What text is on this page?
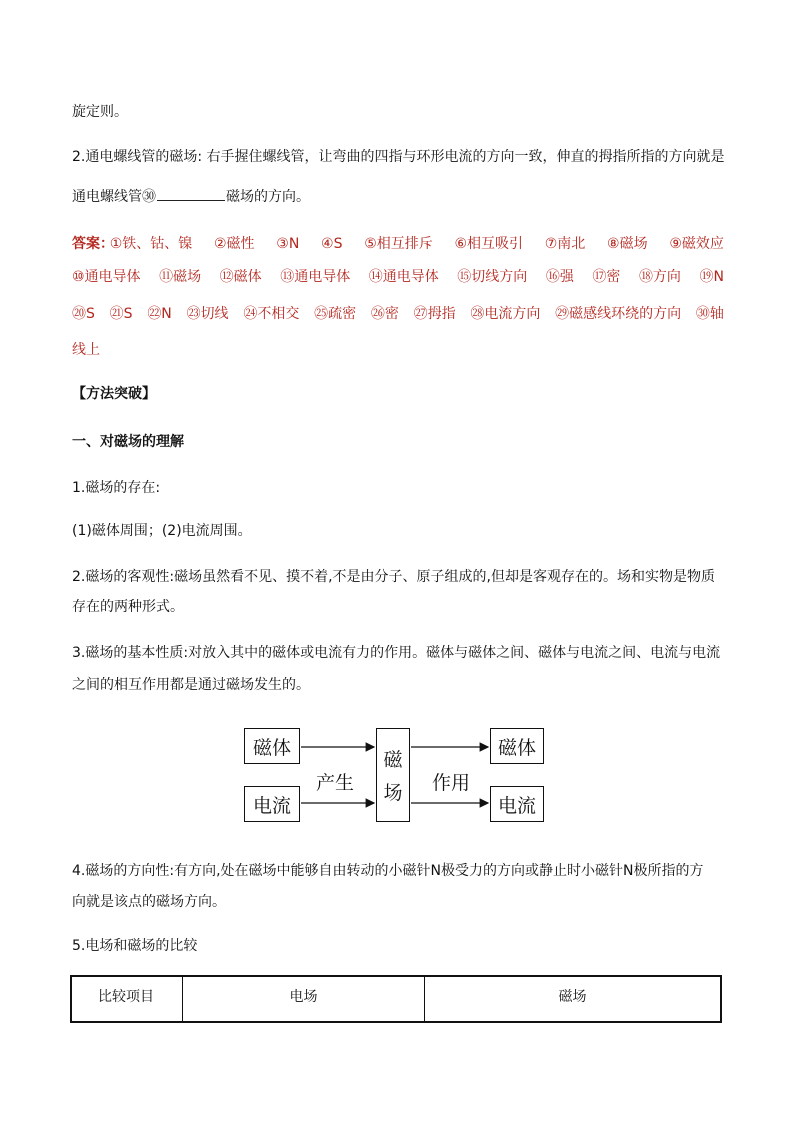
旋定则。
2.通电螺线管的磁场: 右手握住螺线管，让弯曲的四指与环形电流的方向一致，伸直的拇指所指的方向就是
通电螺线管㉚	磁场的方向。
答案：
①铁、钴、镍 ②磁性 ③N ④S ⑤相互排斥 ⑥相互吸引 ⑦南北 ⑧磁场 ⑨磁效应
⑩通电导体 ⑪磁场 ⑫磁体 ⑬通电导体 ⑭通电导体 ⑮切线方向 ⑯强 ⑰密 ⑱方向 ⑲N
⑳S ㉑S ㉒N ㉓切线 ㉔不相交 ㉕疏密 ㉖密 ㉗拇指 ㉘电流方向 ㉙磁感线环绕的方向 ㉚轴
线上
【方法突破】
一、对磁场的理解
1.磁场的存在:
(1)磁体周围；(2)电流周围。
2.磁场的客观性:磁场虽然看不见、摸不着,不是由分子、原子组成的,但却是客观存在的。场和实物是物质
存在的两种形式。
3.磁场的基本性质:对放入其中的磁体或电流有力的作用。磁体与磁体之间、磁体与电流之间、电流与电流
之间的相互作用都是通过磁场发生的。
磁体
电流
产生
磁
场 作用
磁体
电流
4.磁场的方向性:有方向,处在磁场中能够自由转动的小磁针N极受力的方向或静止时小磁针N极所指的方
向就是该点的磁场方向。
5.电场和磁场的比较
比较项目	电场	磁场
